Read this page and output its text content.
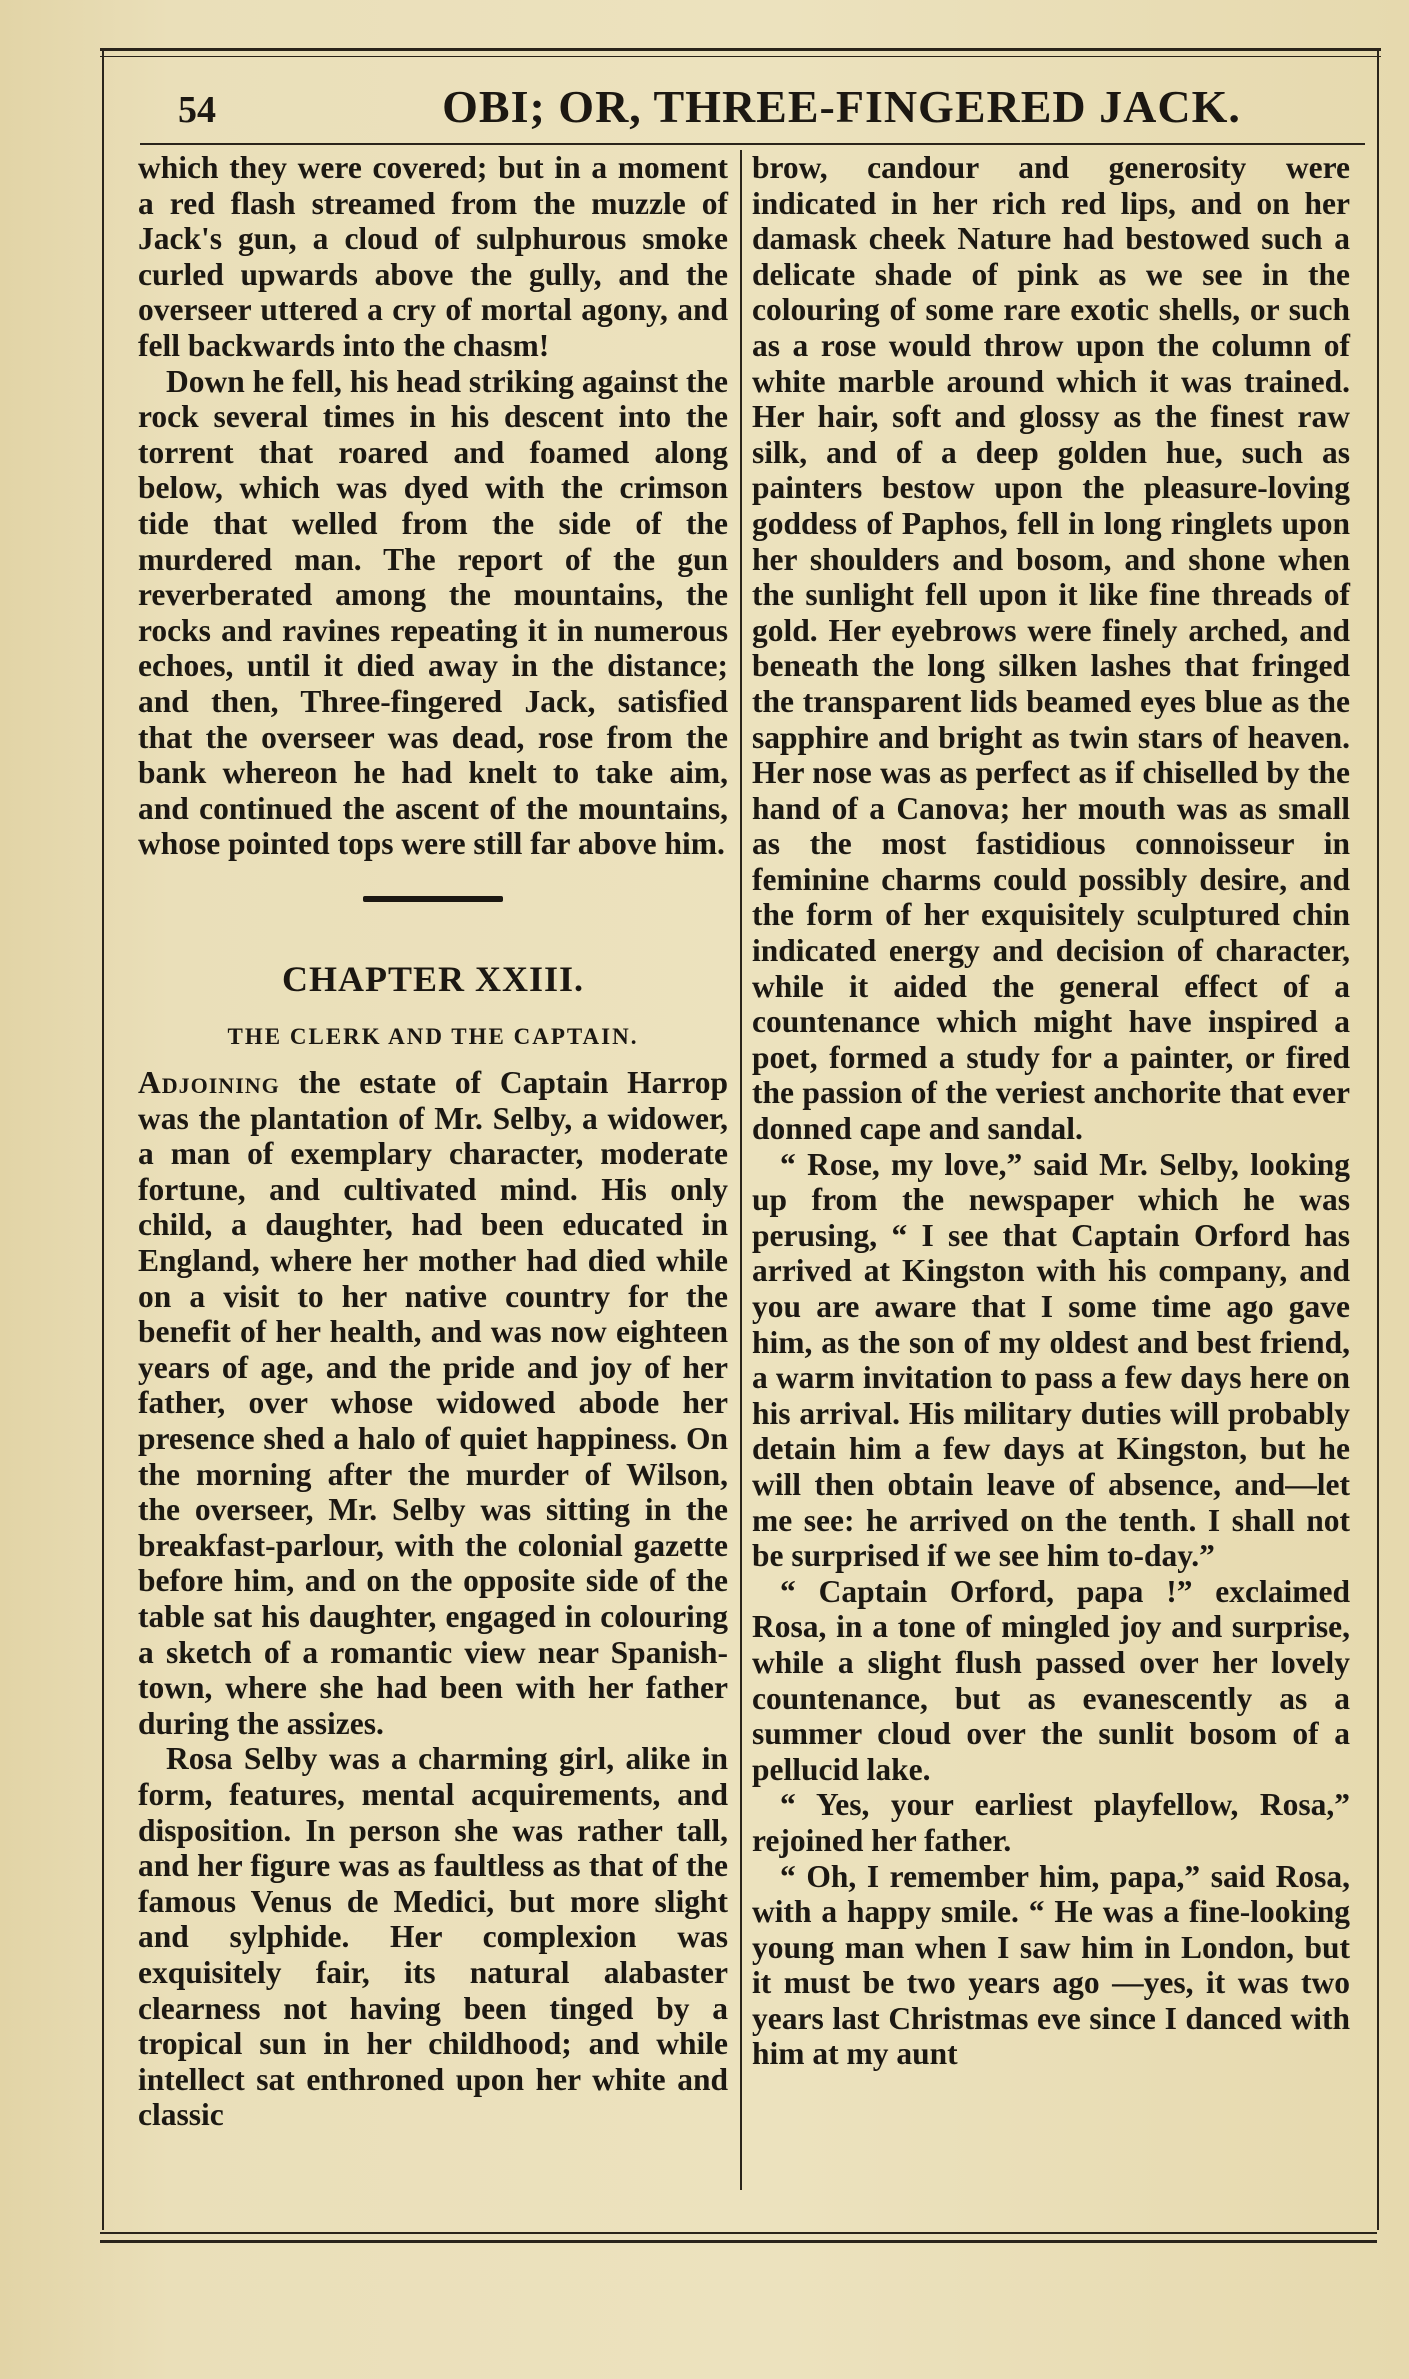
54	OBI; OR, THREE-FINGERED JACK.

which they were covered; but in a moment a red flash streamed from the muzzle of Jack's gun, a cloud of sulphurous smoke curled upwards above the gully, and the overseer uttered a cry of mortal agony, and fell backwards into the chasm!

Down he fell, his head striking against the rock several times in his descent into the torrent that roared and foamed along below, which was dyed with the crimson tide that welled from the side of the murdered man. The report of the gun reverberated among the mountains, the rocks and ravines repeating it in numerous echoes, until it died away in the distance; and then, Three-fingered Jack, satisfied that the overseer was dead, rose from the bank whereon he had knelt to take aim, and continued the ascent of the mountains, whose pointed tops were still far above him.

CHAPTER XXIII.
THE CLERK AND THE CAPTAIN.

Adjoining the estate of Captain Harrop was the plantation of Mr. Selby, a widower, a man of exemplary character, moderate fortune, and cultivated mind. His only child, a daughter, had been educated in England, where her mother had died while on a visit to her native country for the benefit of her health, and was now eighteen years of age, and the pride and joy of her father, over whose widowed abode her presence shed a halo of quiet happiness. On the morning after the murder of Wilson, the overseer, Mr. Selby was sitting in the breakfast-parlour, with the colonial gazette before him, and on the opposite side of the table sat his daughter, engaged in colouring a sketch of a romantic view near Spanish-town, where she had been with her father during the assizes.

Rosa Selby was a charming girl, alike in form, features, mental acquirements, and disposition. In person she was rather tall, and her figure was as faultless as that of the famous Venus de Medici, but more slight and sylphide. Her complexion was exquisitely fair, its natural alabaster clearness not having been tinged by a tropical sun in her childhood; and while intellect sat enthroned upon her white and classic

brow, candour and generosity were indicated in her rich red lips, and on her damask cheek Nature had bestowed such a delicate shade of pink as we see in the colouring of some rare exotic shells, or such as a rose would throw upon the column of white marble around which it was trained. Her hair, soft and glossy as the finest raw silk, and of a deep golden hue, such as painters bestow upon the pleasure-loving goddess of Paphos, fell in long ringlets upon her shoulders and bosom, and shone when the sunlight fell upon it like fine threads of gold. Her eyebrows were finely arched, and beneath the long silken lashes that fringed the transparent lids beamed eyes blue as the sapphire and bright as twin stars of heaven. Her nose was as perfect as if chiselled by the hand of a Canova; her mouth was as small as the most fastidious connoisseur in feminine charms could possibly desire, and the form of her exquisitely sculptured chin indicated energy and decision of character, while it aided the general effect of a countenance which might have inspired a poet, formed a study for a painter, or fired the passion of the veriest anchorite that ever donned cape and sandal.

“ Rose, my love,” said Mr. Selby, looking up from the newspaper which he was perusing, “ I see that Captain Orford has arrived at Kingston with his company, and you are aware that I some time ago gave him, as the son of my oldest and best friend, a warm invitation to pass a few days here on his arrival. His military duties will probably detain him a few days at Kingston, but he will then obtain leave of absence, and—let me see: he arrived on the tenth. I shall not be surprised if we see him to-day.”

“ Captain Orford, papa !” exclaimed Rosa, in a tone of mingled joy and surprise, while a slight flush passed over her lovely countenance, but as evanescently as a summer cloud over the sunlit bosom of a pellucid lake.

“ Yes, your earliest playfellow, Rosa,” rejoined her father.

“ Oh, I remember him, papa,” said Rosa, with a happy smile. “ He was a fine-looking young man when I saw him in London, but it must be two years ago —yes, it was two years last Christmas eve since I danced with him at my aunt
